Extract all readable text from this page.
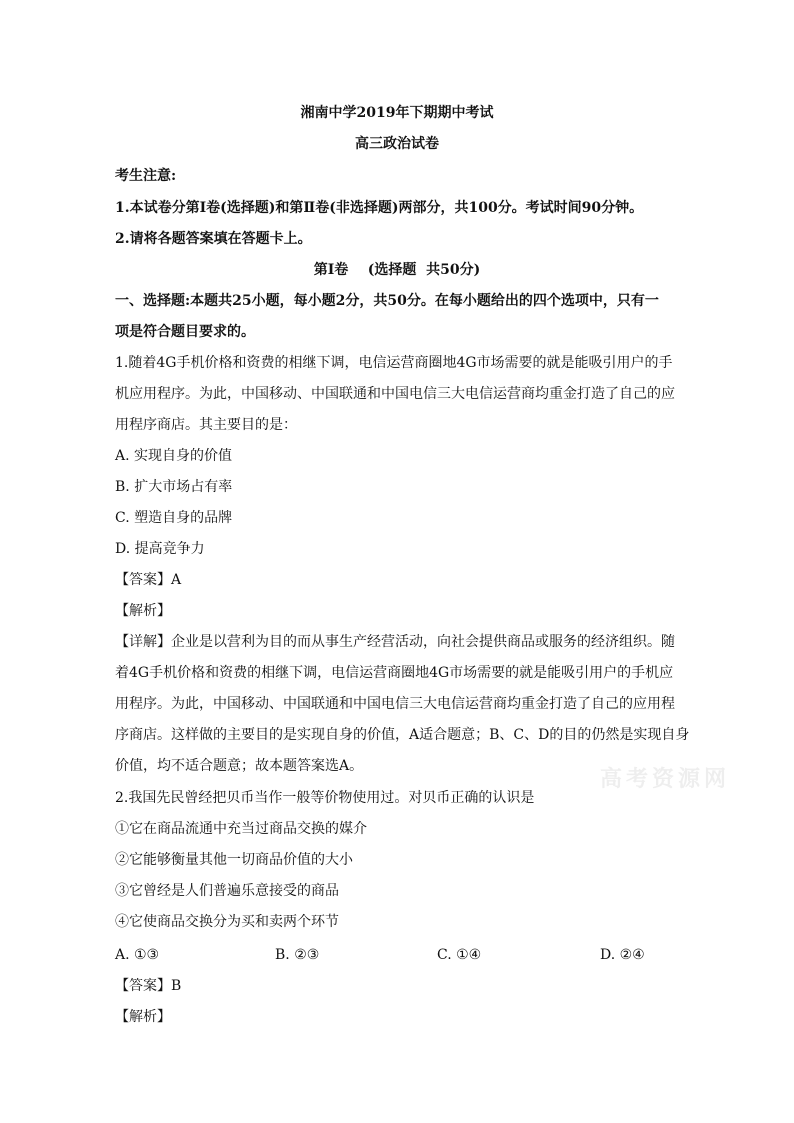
湘南中学2019年下期期中考试
高三政治试卷
考生注意:
1.本试卷分第Ⅰ卷(选择题)和第Ⅱ卷(非选择题)两部分，共100分。考试时间90分钟。
2.请将各题答案填在答题卡上。
第Ⅰ卷    (选择题  共50分)
一、选择题:本题共25小题，每小题2分，共50分。在每小题给出的四个选项中，只有一
项是符合题目要求的。
1.随着4G手机价格和资费的相继下调，电信运营商圈地4G市场需要的就是能吸引用户的手
机应用程序。为此，中国移动、中国联通和中国电信三大电信运营商均重金打造了自己的应
用程序商店。其主要目的是：
A. 实现自身的价值
B. 扩大市场占有率
C. 塑造自身的品牌
D. 提高竞争力
【答案】A
【解析】
【详解】企业是以营利为目的而从事生产经营活动，向社会提供商品或服务的经济组织。随
着4G手机价格和资费的相继下调，电信运营商圈地4G市场需要的就是能吸引用户的手机应
用程序。为此，中国移动、中国联通和中国电信三大电信运营商均重金打造了自己的应用程
序商店。这样做的主要目的是实现自身的价值，A适合题意；B、C、D的目的仍然是实现自身
价值，均不适合题意；故本题答案选A。	高考资源网
2.我国先民曾经把贝币当作一般等价物使用过。对贝币正确的认识是
①它在商品流通中充当过商品交换的媒介
②它能够衡量其他一切商品价值的大小
③它曾经是人们普遍乐意接受的商品
④它使商品交换分为买和卖两个环节
A. ①③	B. ②③	C. ①④	D. ②④
【答案】B
【解析】
